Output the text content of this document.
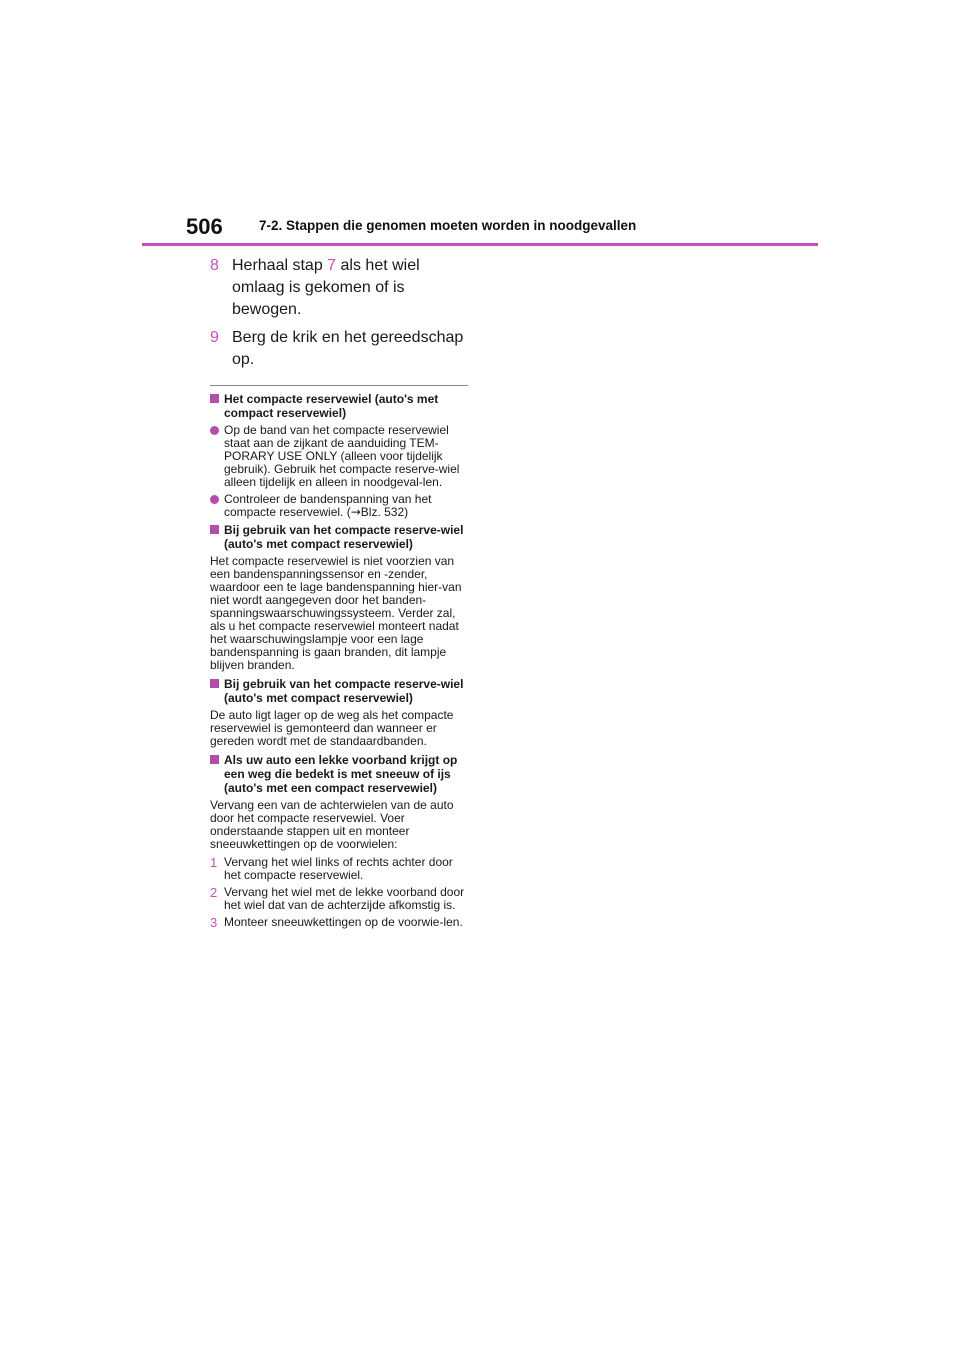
506	7-2. Stappen die genomen moeten worden in noodgevallen
8 Herhaal stap 7 als het wiel omlaag is gekomen of is bewogen.
9 Berg de krik en het gereedschap op.
Het compacte reservewiel (auto's met compact reservewiel)
Op de band van het compacte reservewiel staat aan de zijkant de aanduiding TEM-PORARY USE ONLY (alleen voor tijdelijk gebruik). Gebruik het compacte reserve-wiel alleen tijdelijk en alleen in noodgeval-len.
Controleer de bandenspanning van het compacte reservewiel. (→Blz. 532)
Bij gebruik van het compacte reserve-wiel (auto's met compact reservewiel)
Het compacte reservewiel is niet voorzien van een bandenspanningssensor en -zender, waardoor een te lage bandenspanning hier-van niet wordt aangegeven door het banden-spanningswaarschuwingssysteem. Verder zal, als u het compacte reservewiel monteert nadat het waarschuwingslampje voor een lage bandenspanning is gaan branden, dit lampje blijven branden.
Bij gebruik van het compacte reserve-wiel (auto's met compact reservewiel)
De auto ligt lager op de weg als het compacte reservewiel is gemonteerd dan wanneer er gereden wordt met de standaardbanden.
Als uw auto een lekke voorband krijgt op een weg die bedekt is met sneeuw of ijs (auto's met een compact reservewiel)
Vervang een van de achterwielen van de auto door het compacte reservewiel. Voer onderstaande stappen uit en monteer sneeuwkettingen op de voorwielen:
1 Vervang het wiel links of rechts achter door het compacte reservewiel.
2 Vervang het wiel met de lekke voorband door het wiel dat van de achterzijde afkomstig is.
3 Monteer sneeuwkettingen op de voorwie-len.
